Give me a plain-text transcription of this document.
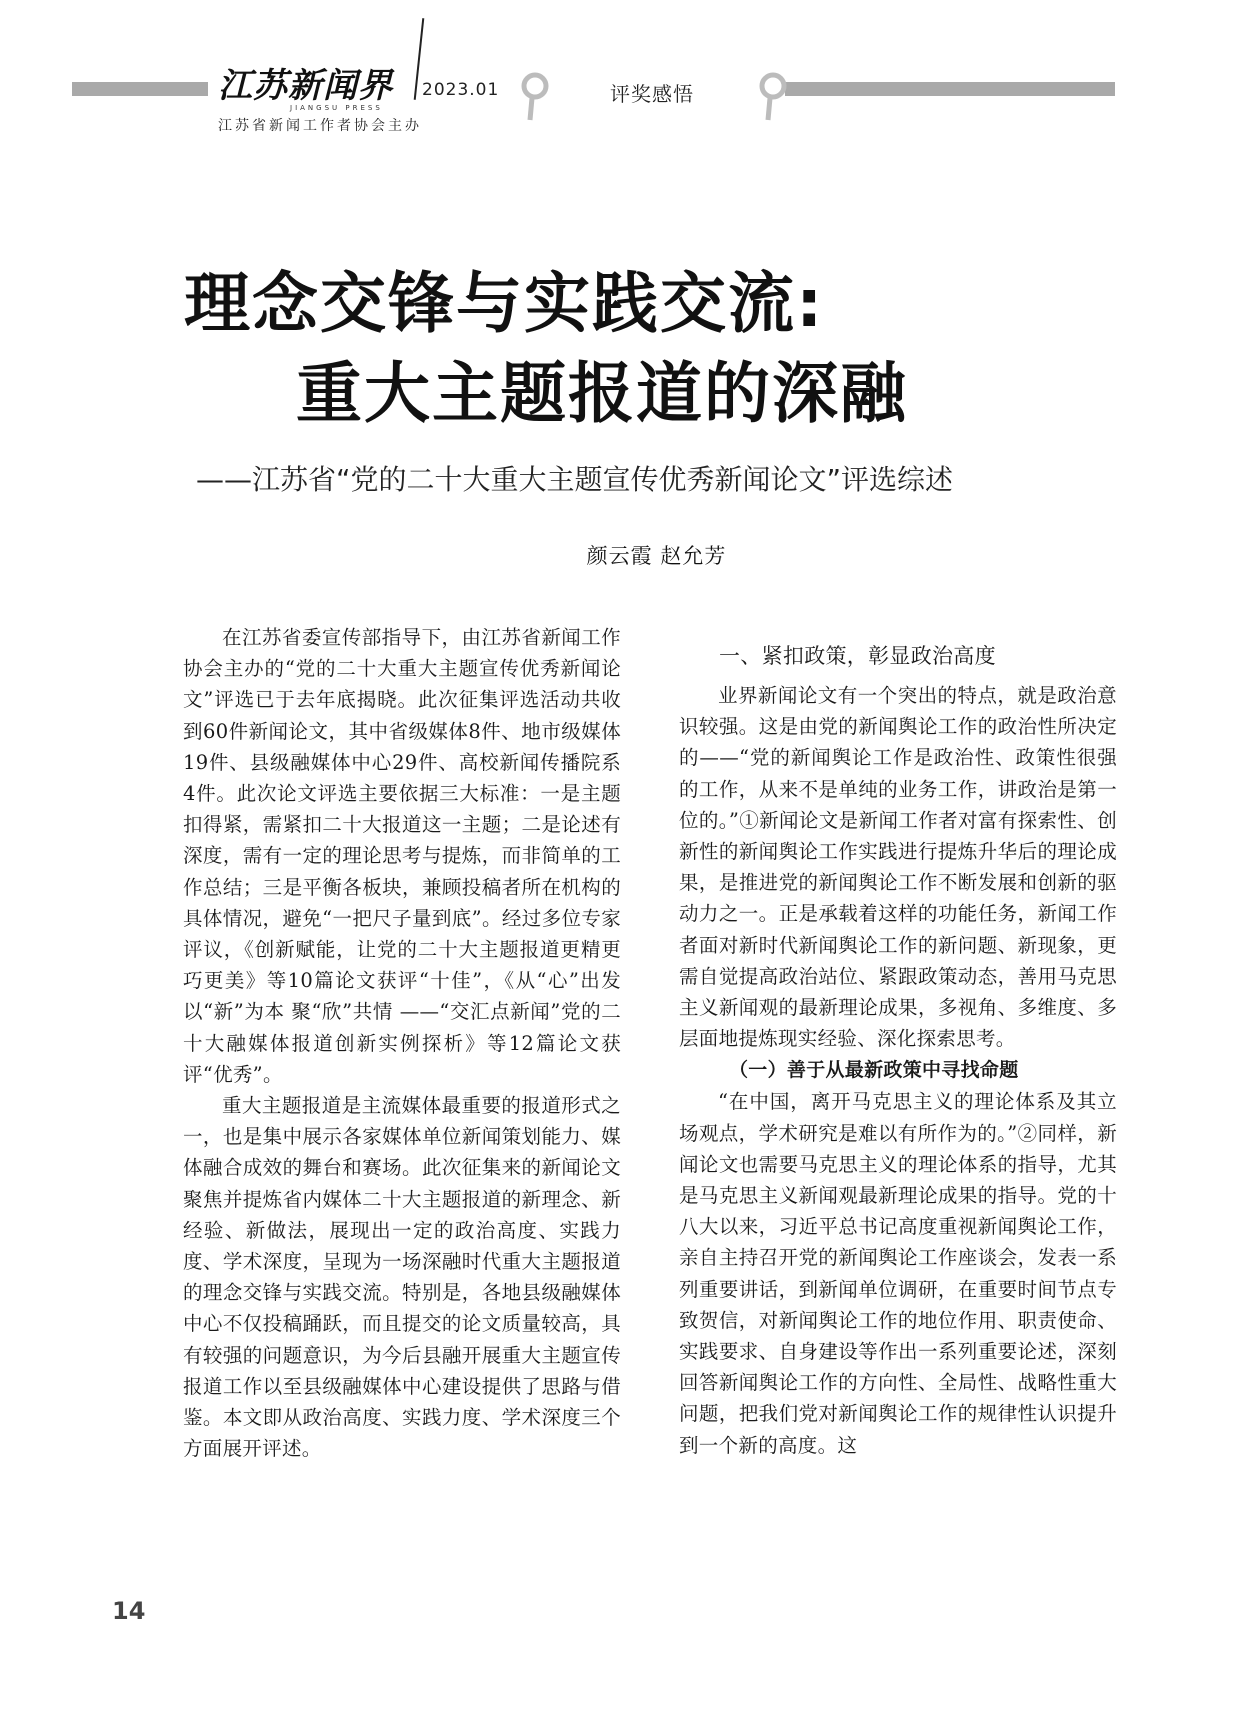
江苏新闻界
JIANGSU PRESS
江苏省新闻工作者协会主办
2023.01	评奖感悟
理念交锋与实践交流:
重大主题报道的深融
——江苏省“党的二十大重大主题宣传优秀新闻论文”评选综述
颜云霞 赵允芳

在江苏省委宣传部指导下，由江苏省新闻工作协会主办的“党的二十大重大主题宣传优秀新闻论文”评选已于去年底揭晓。此次征集评选活动共收到60件新闻论文，其中省级媒体8件、地市级媒体19件、县级融媒体中心29件、高校新闻传播院系4件。此次论文评选主要依据三大标准：一是主题扣得紧，需紧扣二十大报道这一主题；二是论述有深度，需有一定的理论思考与提炼，而非简单的工作总结；三是平衡各板块，兼顾投稿者所在机构的具体情况，避免“一把尺子量到底”。经过多位专家评议，《创新赋能，让党的二十大主题报道更精更巧更美》等10篇论文获评“十佳”，《从“心”出发 以“新”为本 聚“欣”共情 ——“交汇点新闻”党的二十大融媒体报道创新实例探析》等12篇论文获评“优秀”。

重大主题报道是主流媒体最重要的报道形式之一，也是集中展示各家媒体单位新闻策划能力、媒体融合成效的舞台和赛场。此次征集来的新闻论文聚焦并提炼省内媒体二十大主题报道的新理念、新经验、新做法，展现出一定的政治高度、实践力度、学术深度，呈现为一场深融时代重大主题报道的理念交锋与实践交流。特别是，各地县级融媒体中心不仅投稿踊跃，而且提交的论文质量较高，具有较强的问题意识，为今后县融开展重大主题宣传报道工作以至县级融媒体中心建设提供了思路与借鉴。本文即从政治高度、实践力度、学术深度三个方面展开评述。

一、紧扣政策，彰显政治高度

业界新闻论文有一个突出的特点，就是政治意识较强。这是由党的新闻舆论工作的政治性所决定的——“党的新闻舆论工作是政治性、政策性很强的工作，从来不是单纯的业务工作，讲政治是第一位的。”①新闻论文是新闻工作者对富有探索性、创新性的新闻舆论工作实践进行提炼升华后的理论成果，是推进党的新闻舆论工作不断发展和创新的驱动力之一。正是承载着这样的功能任务，新闻工作者面对新时代新闻舆论工作的新问题、新现象，更需自觉提高政治站位、紧跟政策动态，善用马克思主义新闻观的最新理论成果，多视角、多维度、多层面地提炼现实经验、深化探索思考。

（一）善于从最新政策中寻找命题

“在中国，离开马克思主义的理论体系及其立场观点，学术研究是难以有所作为的。”②同样，新闻论文也需要马克思主义的理论体系的指导，尤其是马克思主义新闻观最新理论成果的指导。党的十八大以来，习近平总书记高度重视新闻舆论工作，亲自主持召开党的新闻舆论工作座谈会，发表一系列重要讲话，到新闻单位调研，在重要时间节点专致贺信，对新闻舆论工作的地位作用、职责使命、实践要求、自身建设等作出一系列重要论述，深刻回答新闻舆论工作的方向性、全局性、战略性重大问题，把我们党对新闻舆论工作的规律性认识提升到一个新的高度。这

14
